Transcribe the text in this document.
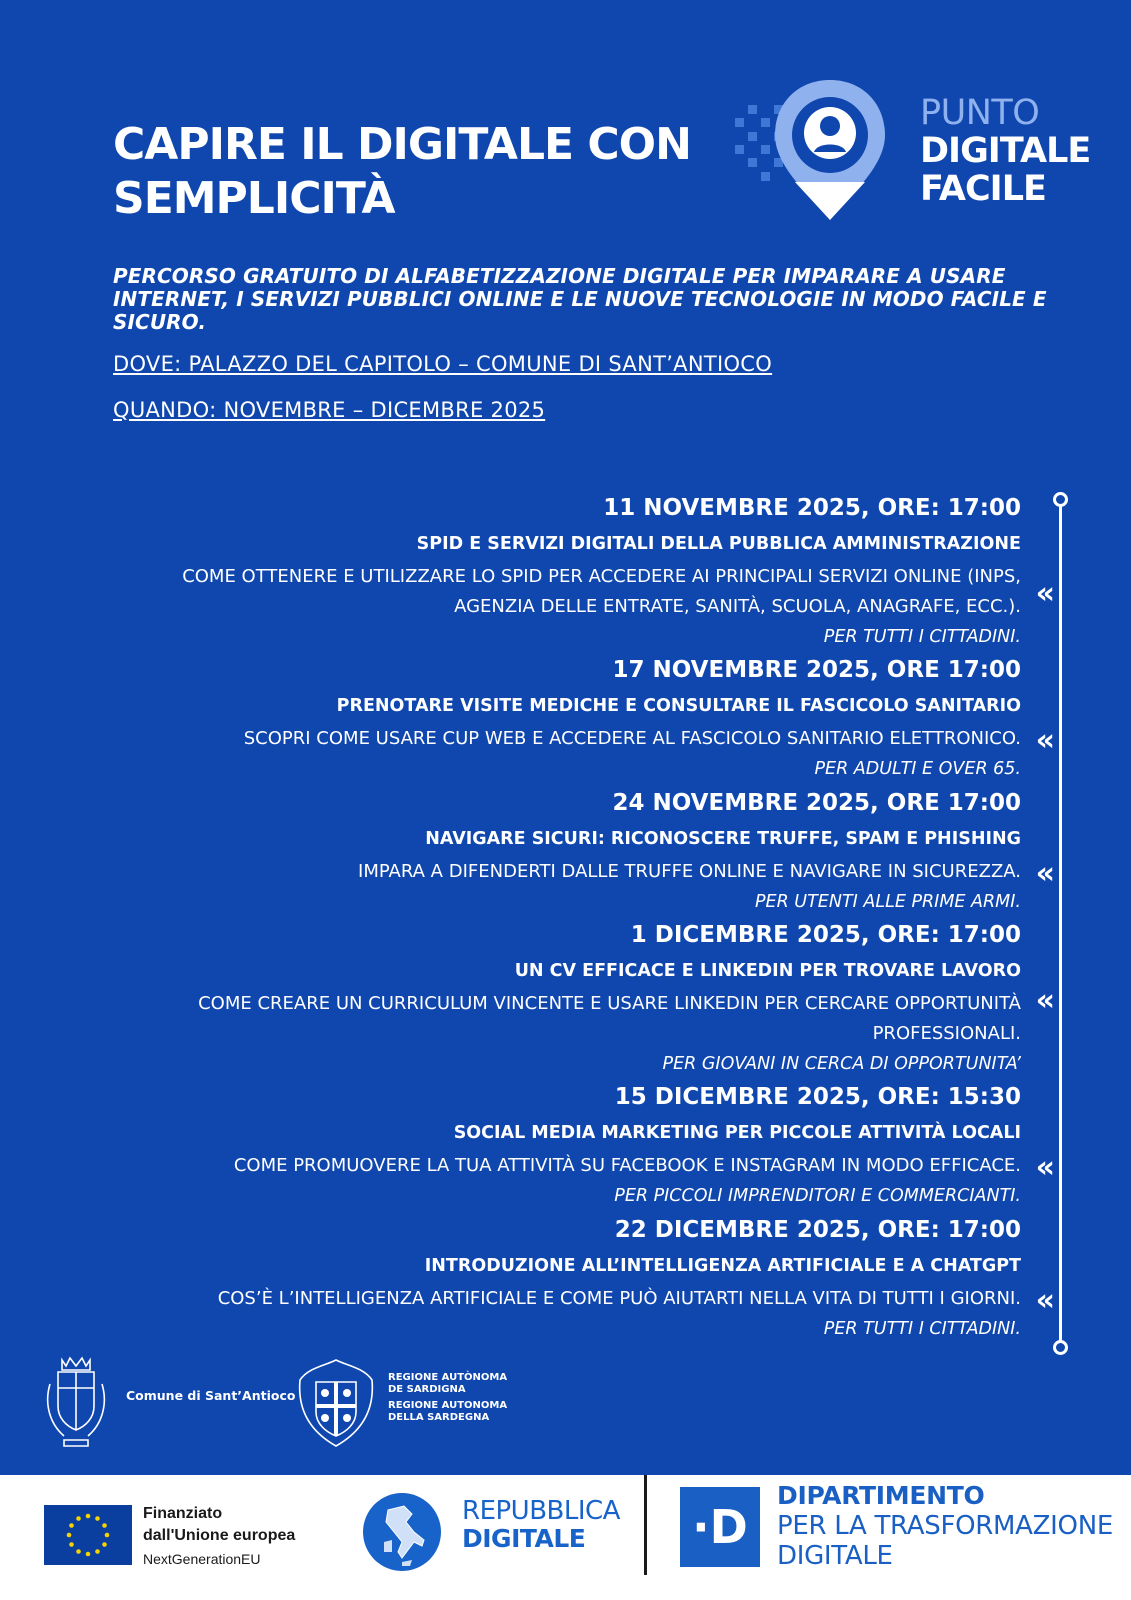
CAPIRE IL DIGITALE CON
SEMPLICITÀ
PUNTO
DIGITALE
FACILE

PERCORSO GRATUITO DI ALFABETIZZAZIONE DIGITALE PER IMPARARE A USARE INTERNET, I SERVIZI PUBBLICI ONLINE E LE NUOVE TECNOLOGIE IN MODO FACILE E SICURO.

DOVE: PALAZZO DEL CAPITOLO – COMUNE DI SANT’ANTIOCO
QUANDO: NOVEMBRE – DICEMBRE 2025
11 NOVEMBRE 2025, ORE: 17:00
SPID E SERVIZI DIGITALI DELLA PUBBLICA AMMINISTRAZIONE
COME OTTENERE E UTILIZZARE LO SPID PER ACCEDERE AI PRINCIPALI SERVIZI ONLINE (INPS,
AGENZIA DELLE ENTRATE, SANITÀ, SCUOLA, ANAGRAFE, ECC.).
PER TUTTI I CITTADINI.
«
17 NOVEMBRE 2025, ORE 17:00
PRENOTARE VISITE MEDICHE E CONSULTARE IL FASCICOLO SANITARIO
SCOPRI COME USARE CUP WEB E ACCEDERE AL FASCICOLO SANITARIO ELETTRONICO.
PER ADULTI E OVER 65.
«
24 NOVEMBRE 2025, ORE 17:00
NAVIGARE SICURI: RICONOSCERE TRUFFE, SPAM E PHISHING
IMPARA A DIFENDERTI DALLE TRUFFE ONLINE E NAVIGARE IN SICUREZZA.
PER UTENTI ALLE PRIME ARMI.
«
1 DICEMBRE 2025, ORE: 17:00
UN CV EFFICACE E LINKEDIN PER TROVARE LAVORO
COME CREARE UN CURRICULUM VINCENTE E USARE LINKEDIN PER CERCARE OPPORTUNITÀ
PROFESSIONALI.
PER GIOVANI IN CERCA DI OPPORTUNITA’
«
15 DICEMBRE 2025, ORE: 15:30
SOCIAL MEDIA MARKETING PER PICCOLE ATTIVITÀ LOCALI
COME PROMUOVERE LA TUA ATTIVITÀ SU FACEBOOK E INSTAGRAM IN MODO EFFICACE.
PER PICCOLI IMPRENDITORI E COMMERCIANTI.
«
22 DICEMBRE 2025, ORE: 17:00
INTRODUZIONE ALL’INTELLIGENZA ARTIFICIALE E A CHATGPT
COS’È L’INTELLIGENZA ARTIFICIALE E COME PUÒ AIUTARTI NELLA VITA DI TUTTI I GIORNI.
PER TUTTI I CITTADINI.
«
Comune di Sant’Antioco
REGIONE AUTÒNOMA
DE SARDIGNA
REGIONE AUTONOMA
DELLA SARDEGNA
Finanziato
dall'Unione europea
NextGenerationEU
REPUBBLICA
DIGITALE	·D
DIPARTIMENTO
PER LA TRASFORMAZIONE
DIGITALE
